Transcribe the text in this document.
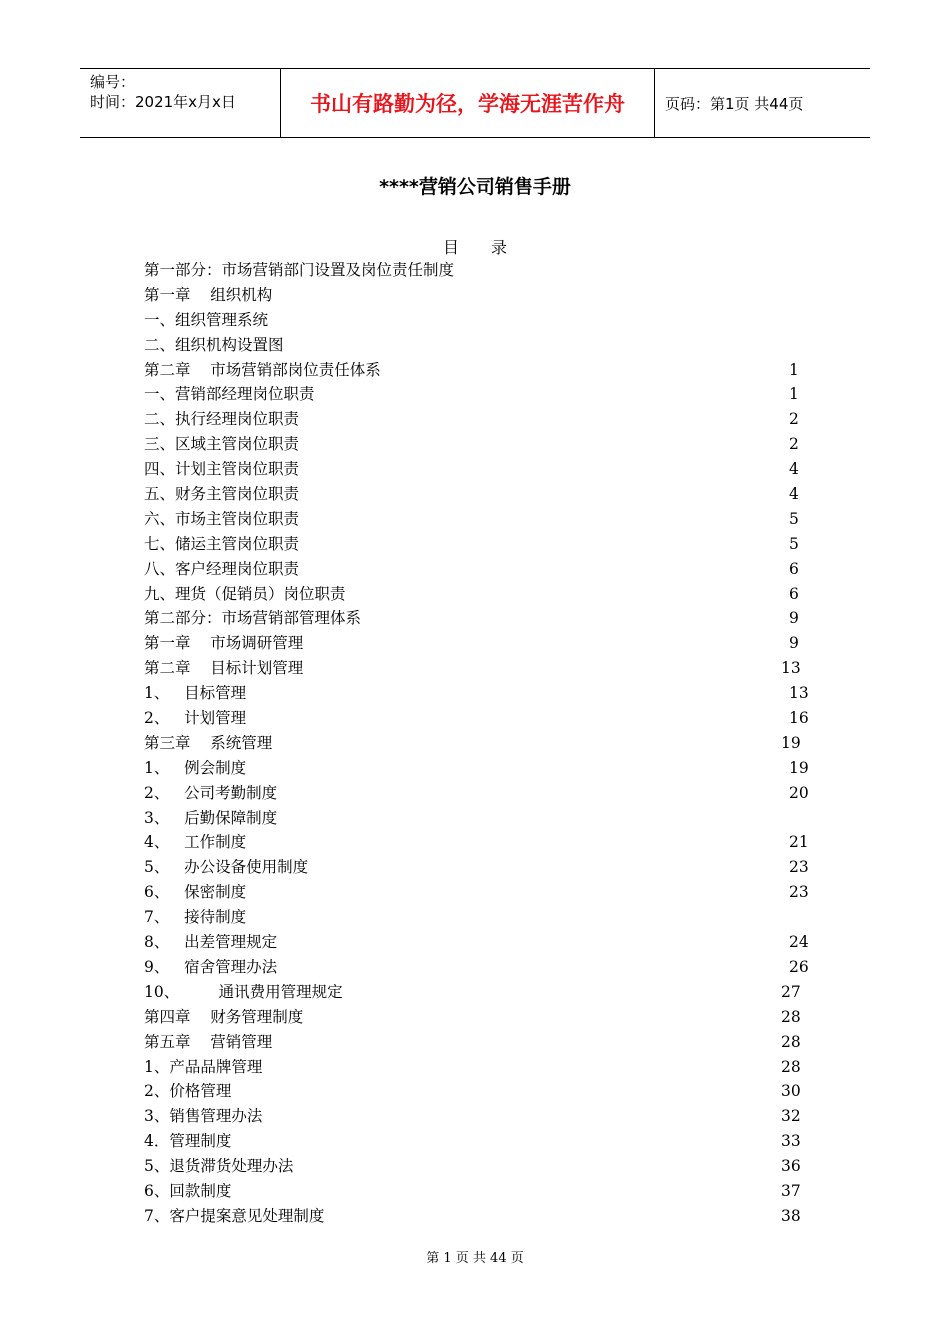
编号：
时间：2021年x月x日	书山有路勤为径，学海无涯苦作舟	页码：第1页 共44页
****营销公司销售手册
目　　录
第一部分：市场营销部门设置及岗位责任制度
第一章    组织机构
一、组织管理系统
二、组织机构设置图
第二章    市场营销部岗位责任体系	1
一、营销部经理岗位职责	1
二、执行经理岗位职责	2
三、区域主管岗位职责	2
四、计划主管岗位职责	4
五、财务主管岗位职责	4
六、市场主管岗位职责	5
七、储运主管岗位职责	5
八、客户经理岗位职责	6
九、理货（促销员）岗位职责	6
第二部分：市场营销部管理体系	9
第一章    市场调研管理	9
第二章    目标计划管理	13
1、   目标管理	13
2、   计划管理	16
第三章    系统管理	19
1、   例会制度	19
2、   公司考勤制度	20
3、   后勤保障制度
4、   工作制度	21
5、   办公设备使用制度	23
6、   保密制度	23
7、   接待制度
8、   出差管理规定	24
9、   宿舍管理办法	26
10、        通讯费用管理规定	27
第四章    财务管理制度	28
第五章    营销管理	28
1、产品品牌管理	28
2、价格管理	30
3、销售管理办法	32
4．管理制度	33
5、退货滞货处理办法	36
6、回款制度	37
7、客户提案意见处理制度	38
第 1 页 共 44 页
